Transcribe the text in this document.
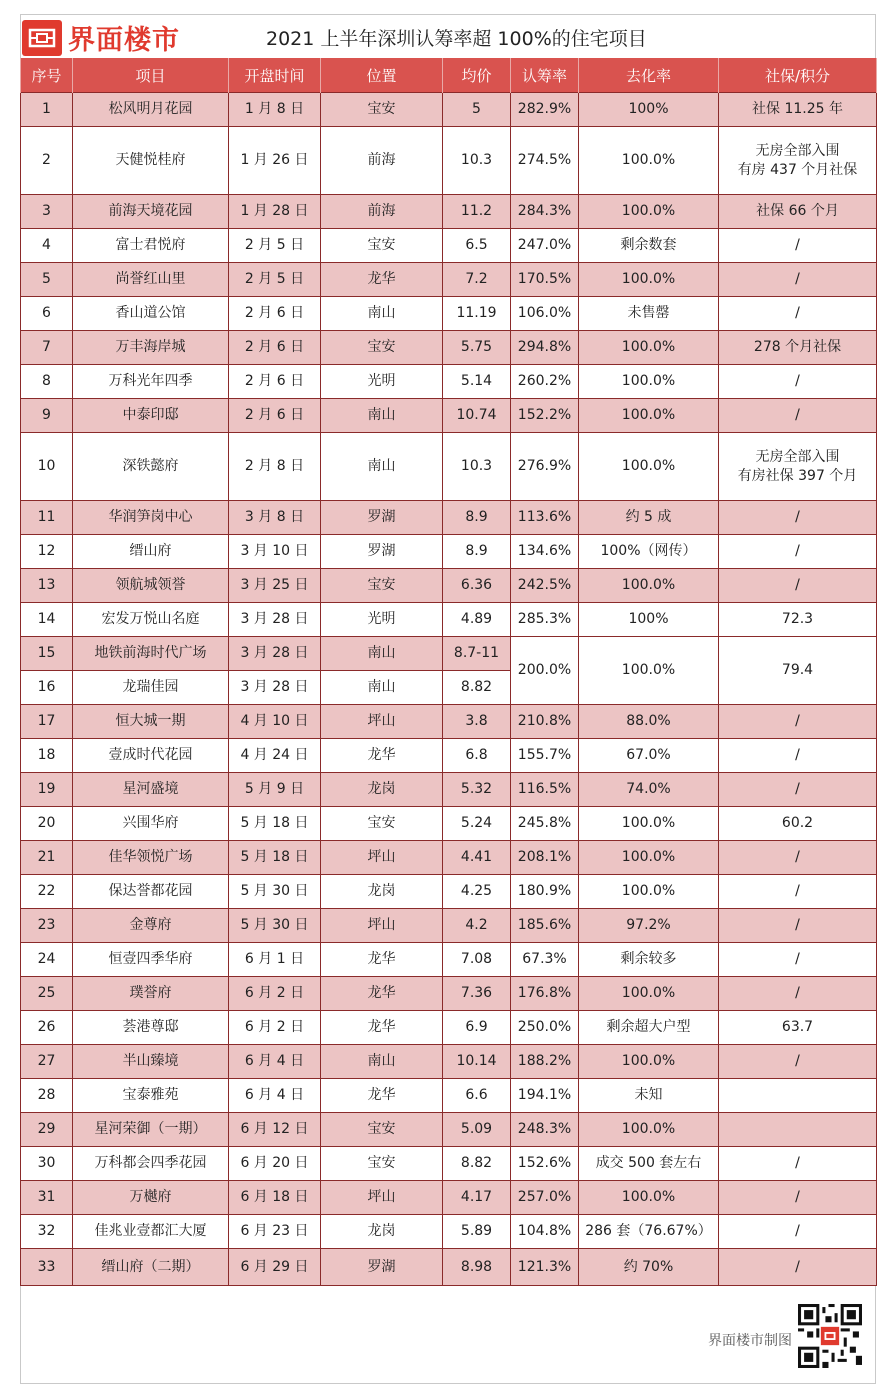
界面楼市	2021 上半年深圳认筹率超 100%的住宅项目
序号	项目	开盘时间	位置	均价	认筹率	去化率	社保/积分
1	松风明月花园	1 月 8 日	宝安	5	282.9%	100%	社保 11.25 年
2	天健悦桂府	1 月 26 日	前海	10.3	274.5%	100.0%	无房全部入围
有房 437 个月社保
3	前海天境花园	1 月 28 日	前海	11.2	284.3%	100.0%	社保 66 个月
4	富士君悦府	2 月 5 日	宝安	6.5	247.0%	剩余数套	/
5	尚誉红山里	2 月 5 日	龙华	7.2	170.5%	100.0%	/
6	香山道公馆	2 月 6 日	南山	11.19	106.0%	未售罄	/
7	万丰海岸城	2 月 6 日	宝安	5.75	294.8%	100.0%	278 个月社保
8	万科光年四季	2 月 6 日	光明	5.14	260.2%	100.0%	/
9	中泰印邸	2 月 6 日	南山	10.74	152.2%	100.0%	/
10	深铁懿府	2 月 8 日	南山	10.3	276.9%	100.0%	无房全部入围
有房社保 397 个月
11	华润笋岗中心	3 月 8 日	罗湖	8.9	113.6%	约 5 成	/
12	缙山府	3 月 10 日	罗湖	8.9	134.6%	100%（网传）	/
13	领航城领誉	3 月 25 日	宝安	6.36	242.5%	100.0%	/
14	宏发万悦山名庭	3 月 28 日	光明	4.89	285.3%	100%	72.3
15	地铁前海时代广场	3 月 28 日	南山	8.7-11	200.0%	100.0%	79.4
16	龙瑞佳园	3 月 28 日	南山	8.82			
17	恒大城一期	4 月 10 日	坪山	3.8	210.8%	88.0%	/
18	壹成时代花园	4 月 24 日	龙华	6.8	155.7%	67.0%	/
19	星河盛境	5 月 9 日	龙岗	5.32	116.5%	74.0%	/
20	兴围华府	5 月 18 日	宝安	5.24	245.8%	100.0%	60.2
21	佳华领悦广场	5 月 18 日	坪山	4.41	208.1%	100.0%	/
22	保达誉都花园	5 月 30 日	龙岗	4.25	180.9%	100.0%	/
23	金尊府	5 月 30 日	坪山	4.2	185.6%	97.2%	/
24	恒壹四季华府	6 月 1 日	龙华	7.08	67.3%	剩余较多	/
25	璞誉府	6 月 2 日	龙华	7.36	176.8%	100.0%	/
26	荟港尊邸	6 月 2 日	龙华	6.9	250.0%	剩余超大户型	63.7
27	半山臻境	6 月 4 日	南山	10.14	188.2%	100.0%	/
28	宝泰雅苑	6 月 4 日	龙华	6.6	194.1%	未知	
29	星河荣御（一期）	6 月 12 日	宝安	5.09	248.3%	100.0%	
30	万科都会四季花园	6 月 20 日	宝安	8.82	152.6%	成交 500 套左右	/
31	万樾府	6 月 18 日	坪山	4.17	257.0%	100.0%	/
32	佳兆业壹都汇大厦	6 月 23 日	龙岗	5.89	104.8%	286 套（76.67%）	/
33	缙山府（二期）	6 月 29 日	罗湖	8.98	121.3%	约 70%	/
界面楼市制图
